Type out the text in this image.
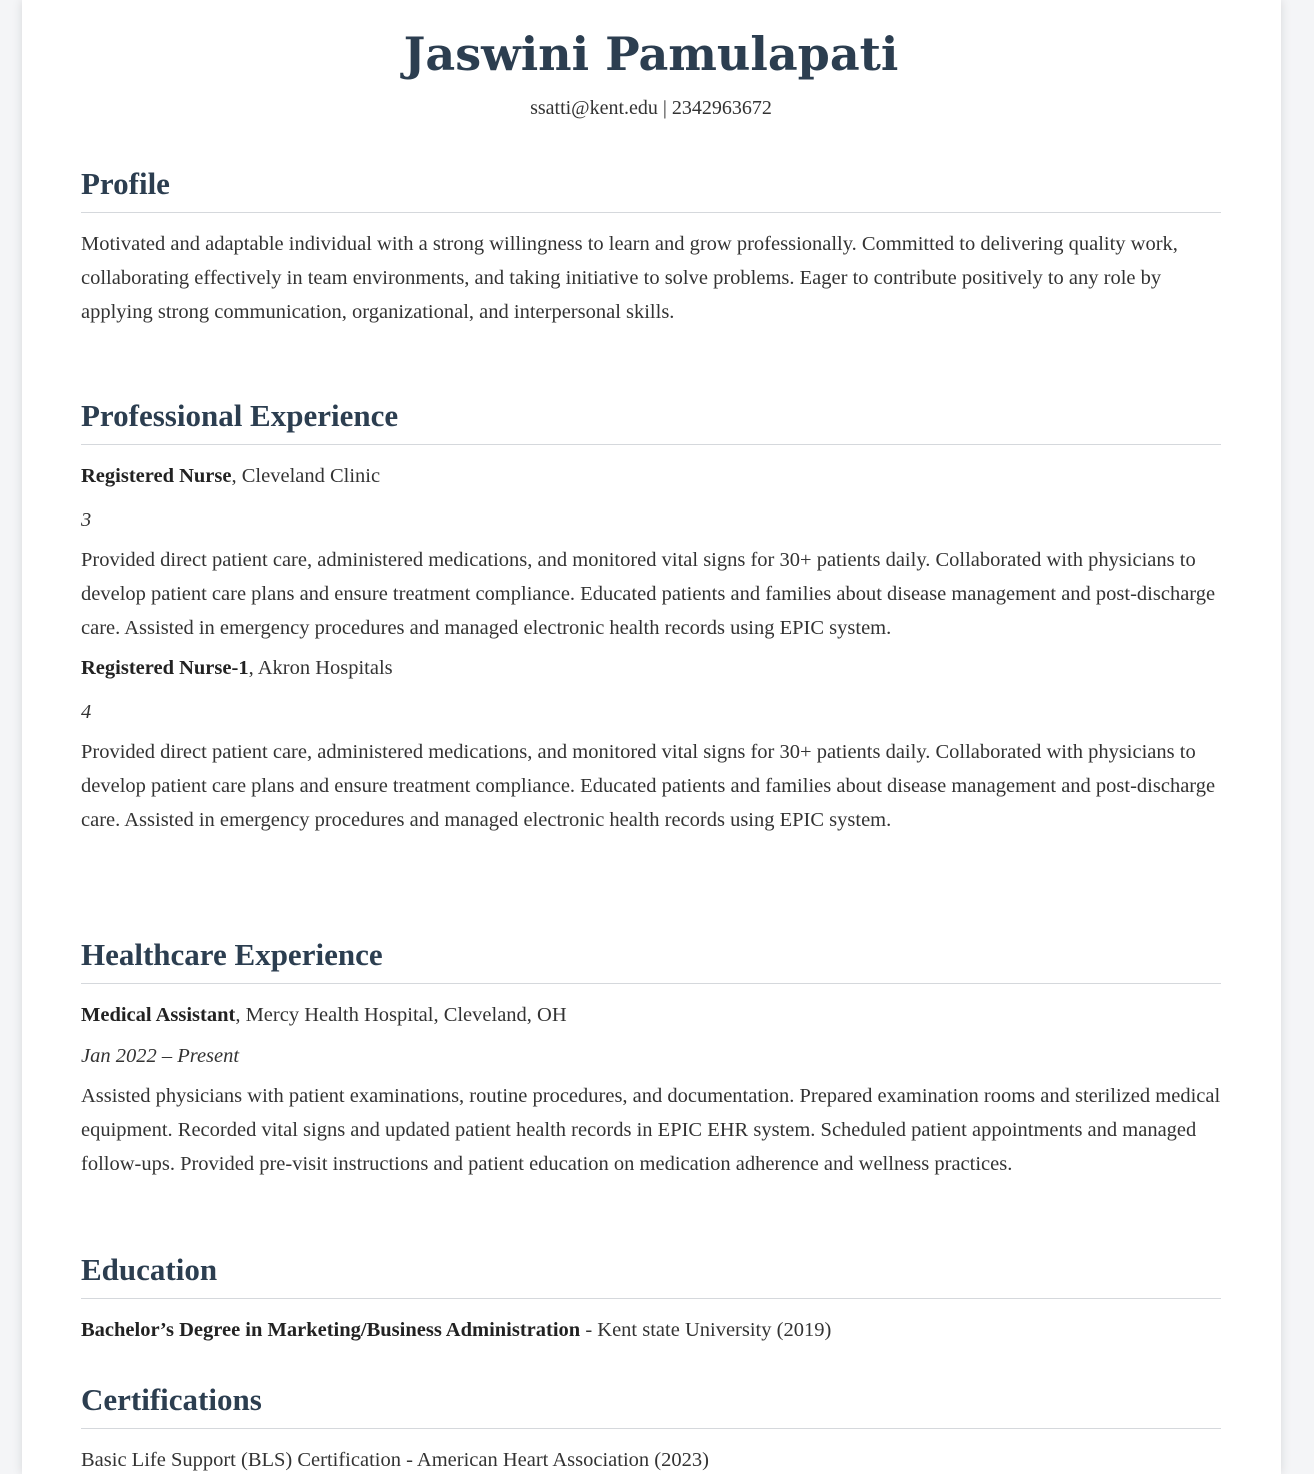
Jaswini Pamulapati
ssatti@kent.edu | 2342963672
Profile

Motivated and adaptable individual with a strong willingness to learn and grow professionally. Committed to delivering quality work, collaborating effectively in team environments, and taking initiative to solve problems. Eager to contribute positively to any role by applying strong communication, organizational, and interpersonal skills.

Professional Experience
Registered Nurse, Cleveland Clinic
3

Provided direct patient care, administered medications, and monitored vital signs for 30+ patients daily. Collaborated with physicians to develop patient care plans and ensure treatment compliance. Educated patients and families about disease management and post-discharge care. Assisted in emergency procedures and managed electronic health records using EPIC system.

Registered Nurse-1, Akron Hospitals
4

Provided direct patient care, administered medications, and monitored vital signs for 30+ patients daily. Collaborated with physicians to develop patient care plans and ensure treatment compliance. Educated patients and families about disease management and post-discharge care. Assisted in emergency procedures and managed electronic health records using EPIC system.

Healthcare Experience
Medical Assistant, Mercy Health Hospital, Cleveland, OH
Jan 2022 – Present

Assisted physicians with patient examinations, routine procedures, and documentation. Prepared examination rooms and sterilized medical equipment. Recorded vital signs and updated patient health records in EPIC EHR system. Scheduled patient appointments and managed follow-ups. Provided pre-visit instructions and patient education on medication adherence and wellness practices.

Education
Bachelor’s Degree in Marketing/Business Administration - Kent state University (2019)
Certifications
Basic Life Support (BLS) Certification - American Heart Association (2023)
